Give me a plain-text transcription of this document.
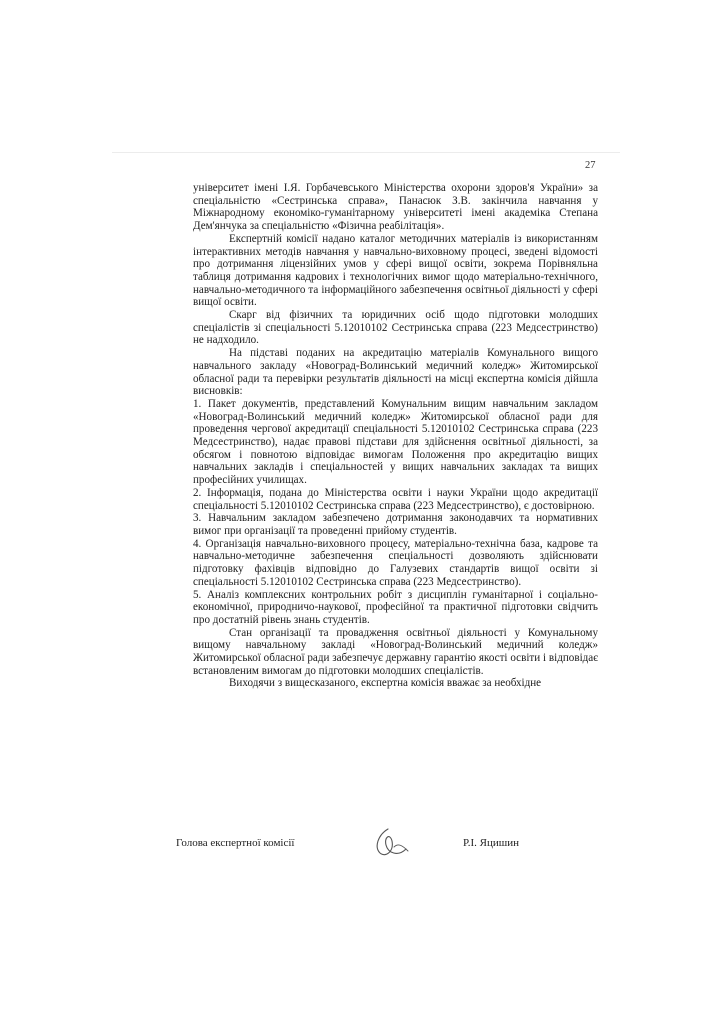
27

університет імені І.Я. Горбачевського Міністерства охорони здоров'я України» за спеціальністю «Сестринська справа», Панасюк З.В. закінчила навчання у Міжнародному економіко-гуманітарному університеті імені академіка Степана Дем'янчука за спеціальністю «Фізична реабілітація».

Експертній комісії надано каталог методичних матеріалів із використанням інтерактивних методів навчання у навчально-виховному процесі, зведені відомості про дотримання ліцензійних умов у сфері вищої освіти, зокрема Порівняльна таблиця дотримання кадрових і технологічних вимог щодо матеріально-технічного, навчально-методичного та інформаційного забезпечення освітньої діяльності у сфері вищої освіти.

Скарг від фізичних та юридичних осіб щодо підготовки молодших спеціалістів зі спеціальності 5.12010102 Сестринська справа (223 Медсестринство) не надходило.

На підставі поданих на акредитацію матеріалів Комунального вищого навчального закладу «Новоград-Волинський медичний коледж» Житомирської обласної ради та перевірки результатів діяльності на місці експертна комісія дійшла висновків:

1. Пакет документів, представлений Комунальним вищим навчальним закладом «Новоград-Волинський медичний коледж» Житомирської обласної ради для проведення чергової акредитації спеціальності 5.12010102 Сестринська справа (223 Медсестринство), надає правові підстави для здійснення освітньої діяльності, за обсягом і повнотою відповідає вимогам Положення про акредитацію вищих навчальних закладів і спеціальностей у вищих навчальних закладах та вищих професійних училищах.

2. Інформація, подана до Міністерства освіти і науки України щодо акредитації спеціальності 5.12010102 Сестринська справа (223 Медсестринство), є достовірною.

3. Навчальним закладом забезпечено дотримання законодавчих та нормативних вимог при організації та проведенні прийому студентів.

4. Організація навчально-виховного процесу, матеріально-технічна база, кадрове та навчально-методичне забезпечення спеціальності дозволяють здійснювати підготовку фахівців відповідно до Галузевих стандартів вищої освіти зі спеціальності 5.12010102 Сестринська справа (223 Медсестринство).

5. Аналіз комплексних контрольних робіт з дисциплін гуманітарної і соціально-економічної, природничо-наукової, професійної та практичної підготовки свідчить про достатній рівень знань студентів.

Стан організації та провадження освітньої діяльності у Комунальному вищому навчальному закладі «Новоград-Волинський медичний коледж» Житомирської обласної ради забезпечує державну гарантію якості освіти і відповідає встановленим вимогам до підготовки молодших спеціалістів.

Виходячи з вищесказаного, експертна комісія вважає за необхідне

Голова експертної комісії	Р.І. Яцишин
